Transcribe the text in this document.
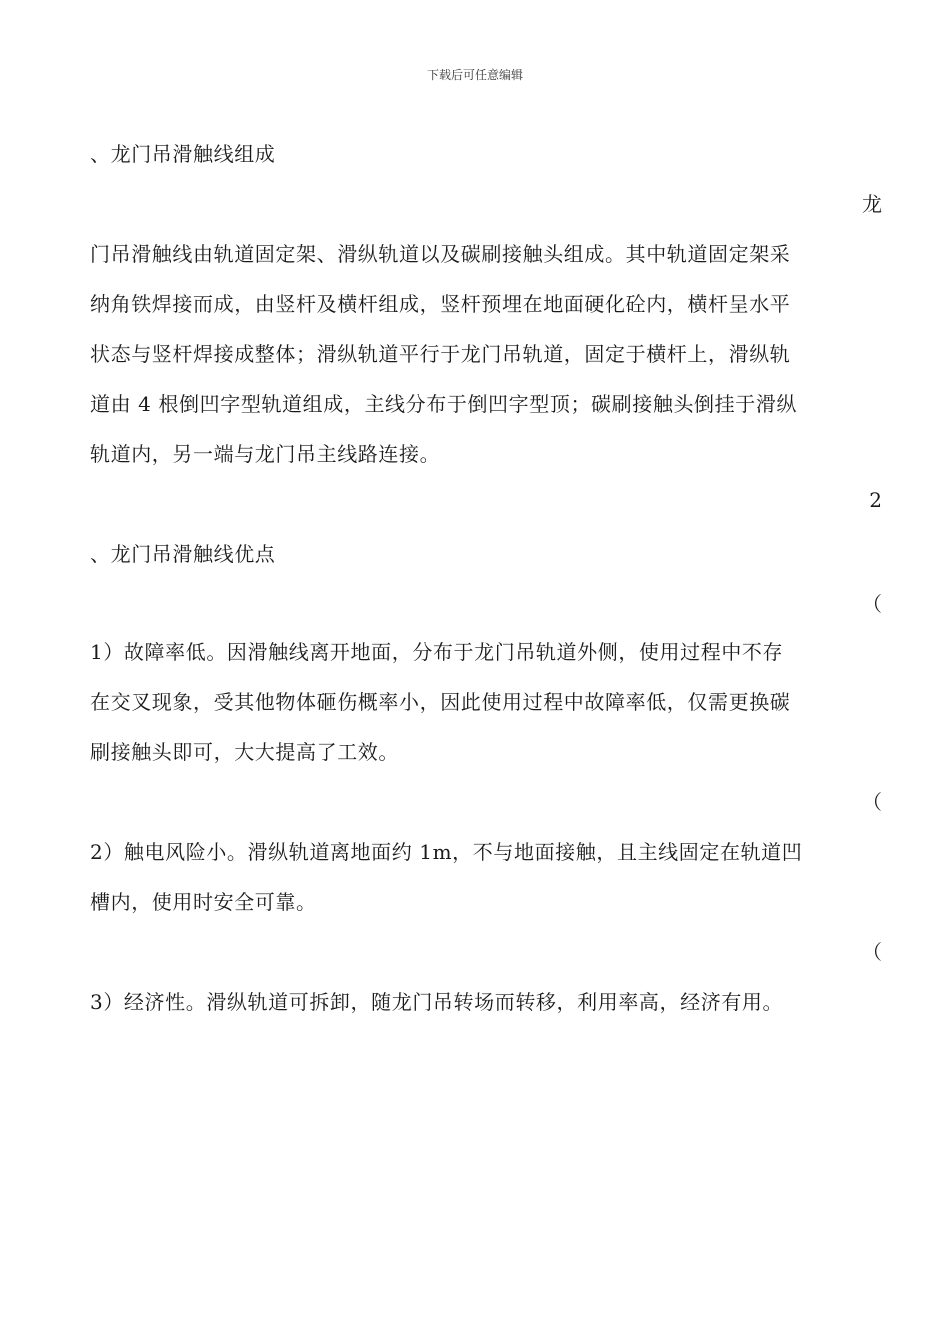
下载后可任意编辑
、龙门吊滑触线组成
龙
门吊滑触线由轨道固定架、滑纵轨道以及碳刷接触头组成。其中轨道固定架采
纳角铁焊接而成，由竖杆及横杆组成，竖杆预埋在地面硬化砼内，横杆呈水平
状态与竖杆焊接成整体；滑纵轨道平行于龙门吊轨道，固定于横杆上，滑纵轨
道由 4 根倒凹字型轨道组成，主线分布于倒凹字型顶；碳刷接触头倒挂于滑纵
轨道内，另一端与龙门吊主线路连接。
2
、龙门吊滑触线优点
（
1）故障率低。因滑触线离开地面，分布于龙门吊轨道外侧，使用过程中不存
在交叉现象，受其他物体砸伤概率小，因此使用过程中故障率低，仅需更换碳
刷接触头即可，大大提高了工效。
（
2）触电风险小。滑纵轨道离地面约 1m，不与地面接触，且主线固定在轨道凹
槽内，使用时安全可靠。
（
3）经济性。滑纵轨道可拆卸，随龙门吊转场而转移，利用率高，经济有用。
